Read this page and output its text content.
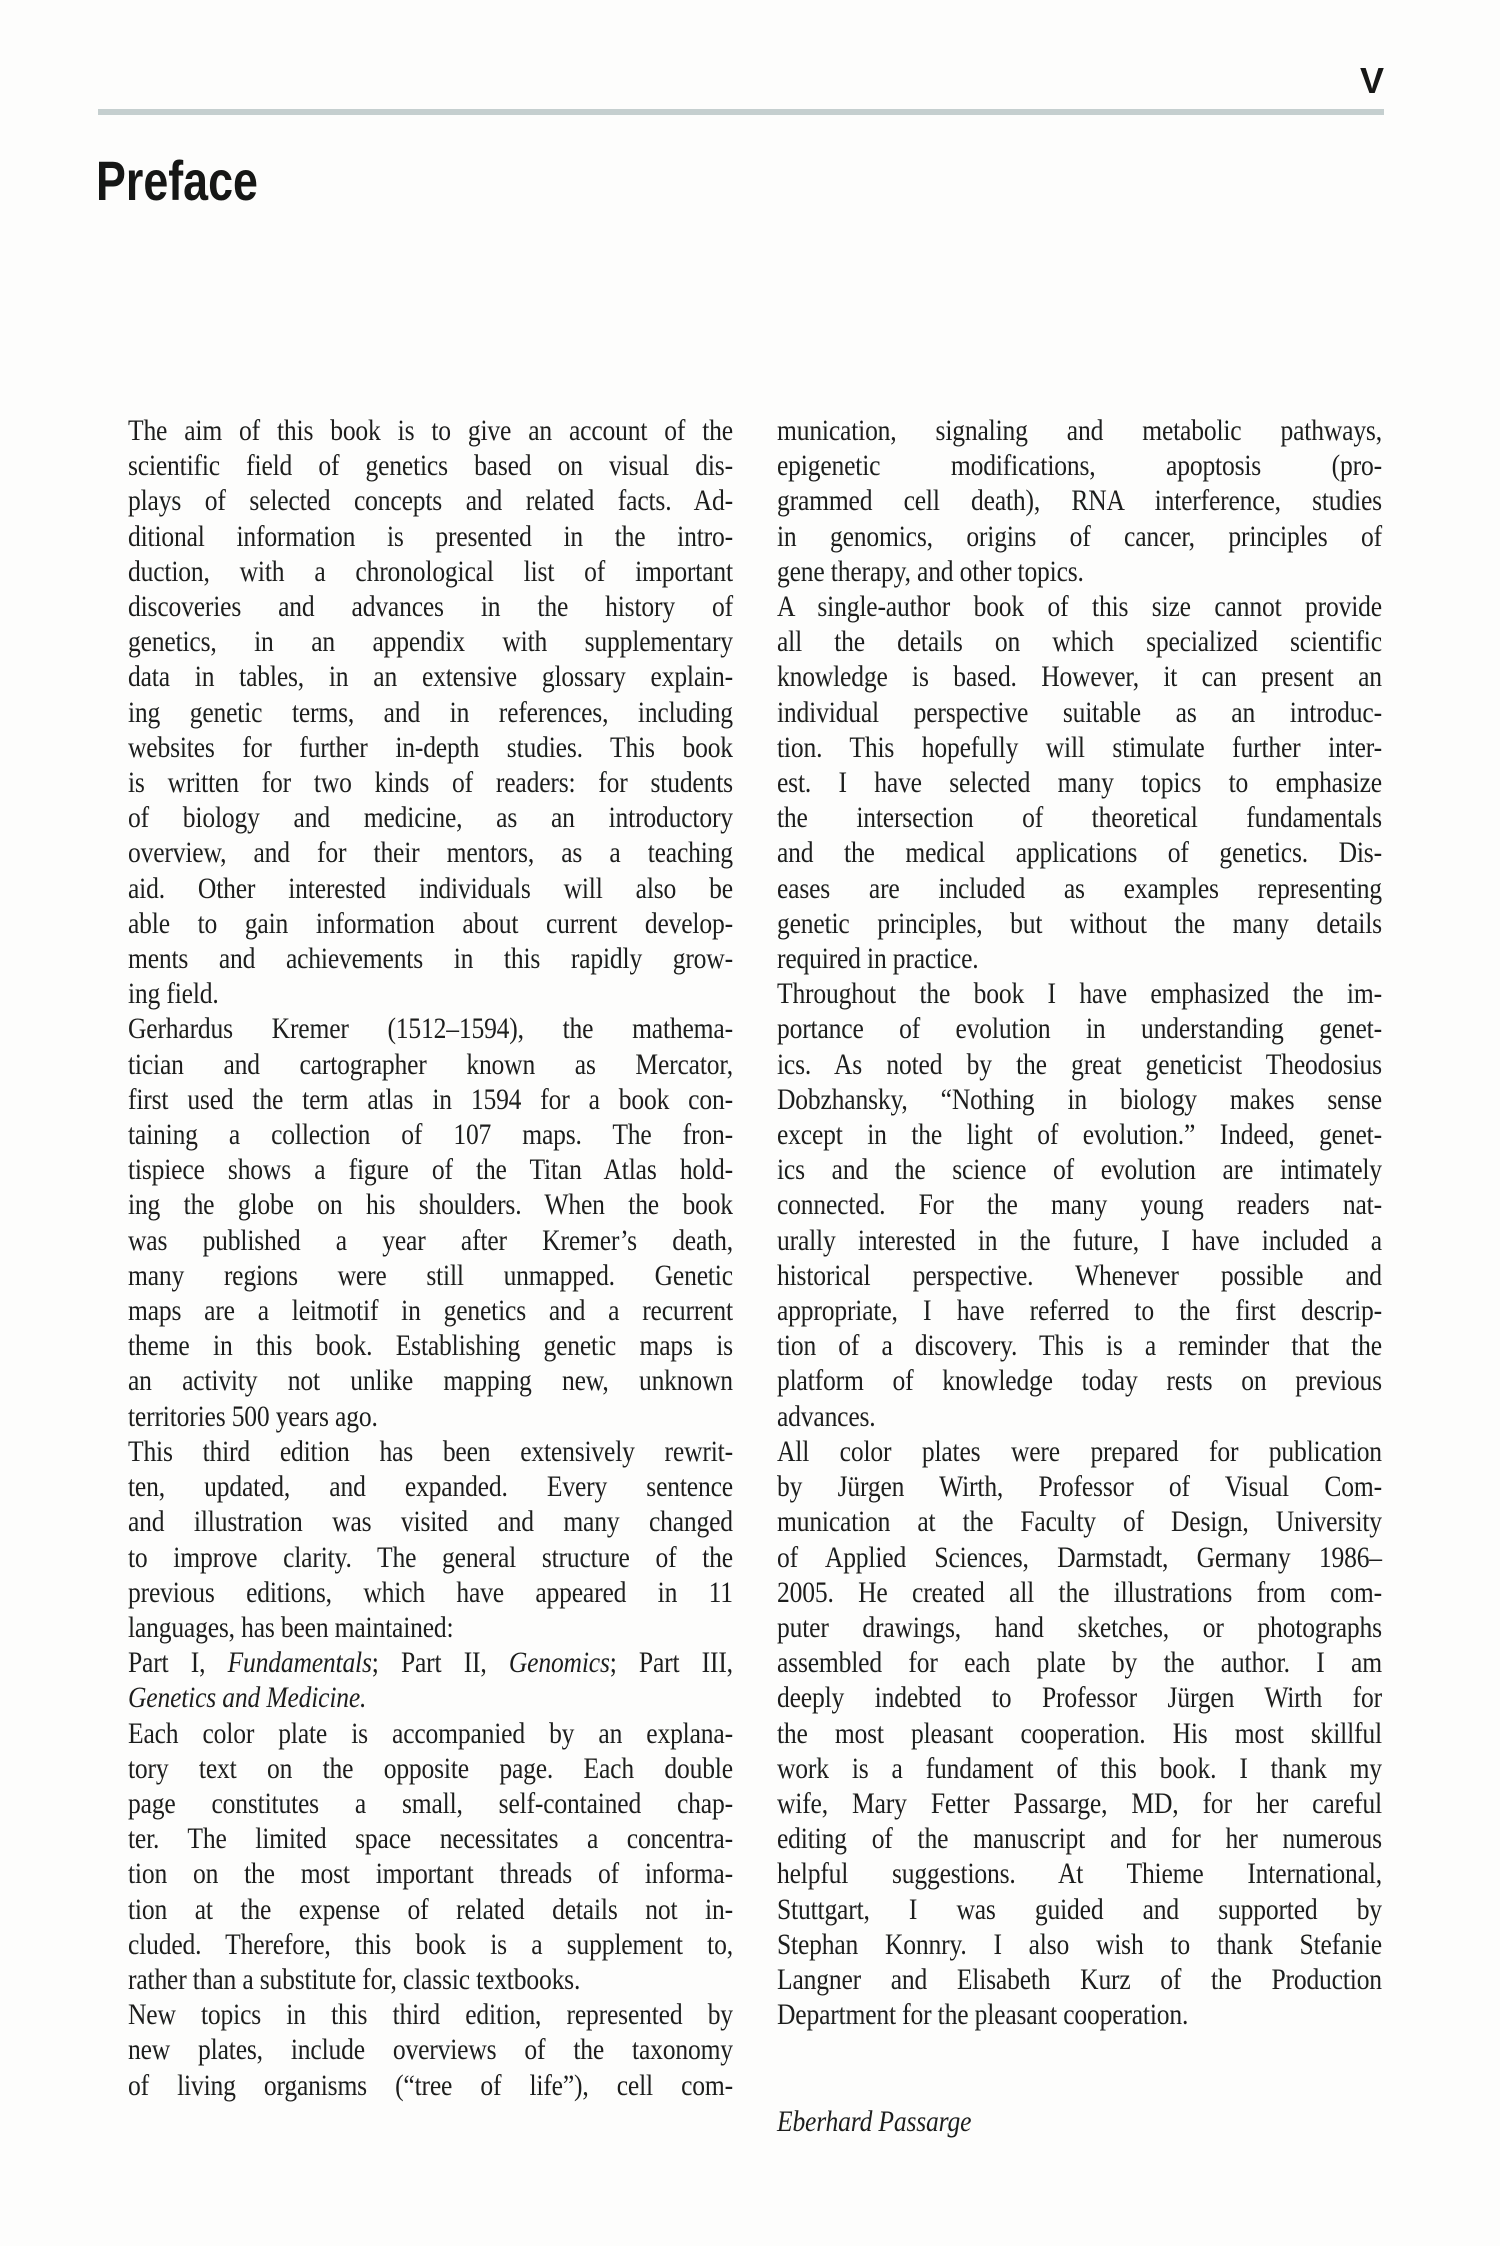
V
Preface
The aim of this book is to give an account of the
scientific field of genetics based on visual dis-
plays of selected concepts and related facts. Ad-
ditional information is presented in the intro-
duction, with a chronological list of important
discoveries and advances in the history of
genetics, in an appendix with supplementary
data in tables, in an extensive glossary explain-
ing genetic terms, and in references, including
websites for further in-depth studies. This book
is written for two kinds of readers: for students
of biology and medicine, as an introductory
overview, and for their mentors, as a teaching
aid. Other interested individuals will also be
able to gain information about current develop-
ments and achievements in this rapidly grow-
ing field.
Gerhardus Kremer (1512–1594), the mathema-
tician and cartographer known as Mercator,
first used the term atlas in 1594 for a book con-
taining a collection of 107 maps. The fron-
tispiece shows a figure of the Titan Atlas hold-
ing the globe on his shoulders. When the book
was published a year after Kremer’s death,
many regions were still unmapped. Genetic
maps are a leitmotif in genetics and a recurrent
theme in this book. Establishing genetic maps is
an activity not unlike mapping new, unknown
territories 500 years ago.
This third edition has been extensively rewrit-
ten, updated, and expanded. Every sentence
and illustration was visited and many changed
to improve clarity. The general structure of the
previous editions, which have appeared in 11
languages, has been maintained:
Part I, Fundamentals; Part II, Genomics; Part III,
Genetics and Medicine.
Each color plate is accompanied by an explana-
tory text on the opposite page. Each double
page constitutes a small, self-contained chap-
ter. The limited space necessitates a concentra-
tion on the most important threads of informa-
tion at the expense of related details not in-
cluded. Therefore, this book is a supplement to,
rather than a substitute for, classic textbooks.
New topics in this third edition, represented by
new plates, include overviews of the taxonomy
of living organisms (“tree of life”), cell com-
munication, signaling and metabolic pathways,
epigenetic modifications, apoptosis (pro-
grammed cell death), RNA interference, studies
in genomics, origins of cancer, principles of
gene therapy, and other topics.
A single-author book of this size cannot provide
all the details on which specialized scientific
knowledge is based. However, it can present an
individual perspective suitable as an introduc-
tion. This hopefully will stimulate further inter-
est. I have selected many topics to emphasize
the intersection of theoretical fundamentals
and the medical applications of genetics. Dis-
eases are included as examples representing
genetic principles, but without the many details
required in practice.
Throughout the book I have emphasized the im-
portance of evolution in understanding genet-
ics. As noted by the great geneticist Theodosius
Dobzhansky, “Nothing in biology makes sense
except in the light of evolution.” Indeed, genet-
ics and the science of evolution are intimately
connected. For the many young readers nat-
urally interested in the future, I have included a
historical perspective. Whenever possible and
appropriate, I have referred to the first descrip-
tion of a discovery. This is a reminder that the
platform of knowledge today rests on previous
advances.
All color plates were prepared for publication
by Jürgen Wirth, Professor of Visual Com-
munication at the Faculty of Design, University
of Applied Sciences, Darmstadt, Germany 1986–
2005. He created all the illustrations from com-
puter drawings, hand sketches, or photographs
assembled for each plate by the author. I am
deeply indebted to Professor Jürgen Wirth for
the most pleasant cooperation. His most skillful
work is a fundament of this book. I thank my
wife, Mary Fetter Passarge, MD, for her careful
editing of the manuscript and for her numerous
helpful suggestions. At Thieme International,
Stuttgart, I was guided and supported by
Stephan Konnry. I also wish to thank Stefanie
Langner and Elisabeth Kurz of the Production
Department for the pleasant cooperation.
Eberhard Passarge
